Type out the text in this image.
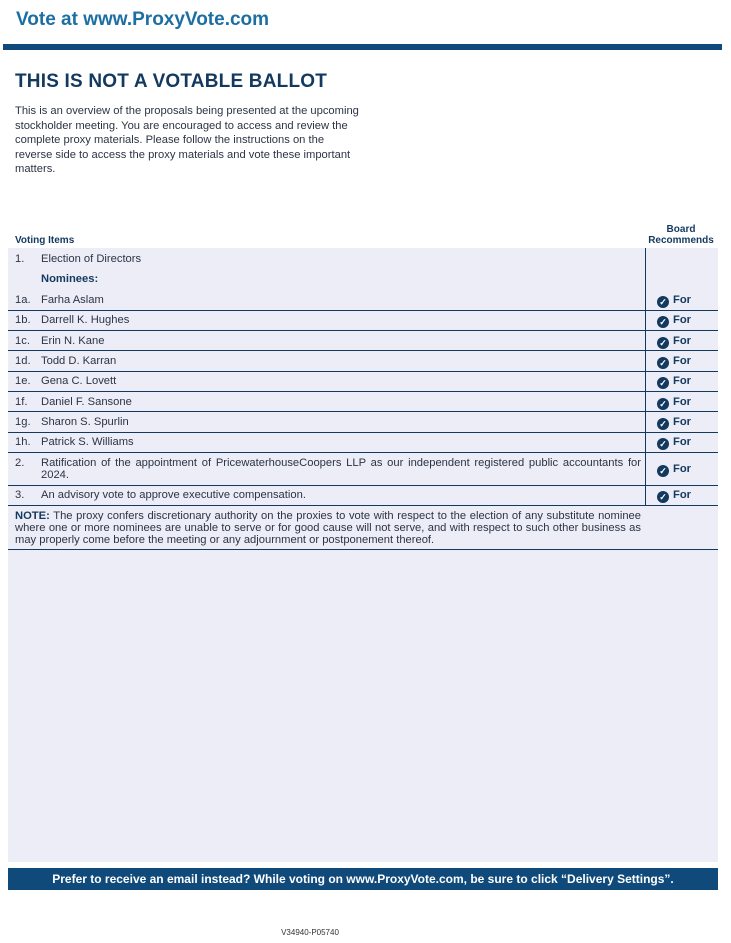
Vote at www.ProxyVote.com
THIS IS NOT A VOTABLE BALLOT
This is an overview of the proposals being presented at the upcoming stockholder meeting. You are encouraged to access and review the complete proxy materials. Please follow the instructions on the reverse side to access the proxy materials and vote these important matters.
Voting Items
Board
Recommends
1. Election of Directors
Nominees:
1a. Farha Aslam	✓ For
1b. Darrell K. Hughes	✓ For
1c. Erin N. Kane	✓ For
1d. Todd D. Karran	✓ For
1e. Gena C. Lovett	✓ For
1f. Daniel F. Sansone	✓ For
1g. Sharon S. Spurlin	✓ For
1h. Patrick S. Williams	✓ For
2. Ratification of the appointment of PricewaterhouseCoopers LLP as our independent registered public accountants for 2024.	✓ For
3. An advisory vote to approve executive compensation.	✓ For
NOTE: The proxy confers discretionary authority on the proxies to vote with respect to the election of any substitute nominee where one or more nominees are unable to serve or for good cause will not serve, and with respect to such other business as may properly come before the meeting or any adjournment or postponement thereof.
Prefer to receive an email instead? While voting on www.ProxyVote.com, be sure to click “Delivery Settings”.
V34940-P05740
